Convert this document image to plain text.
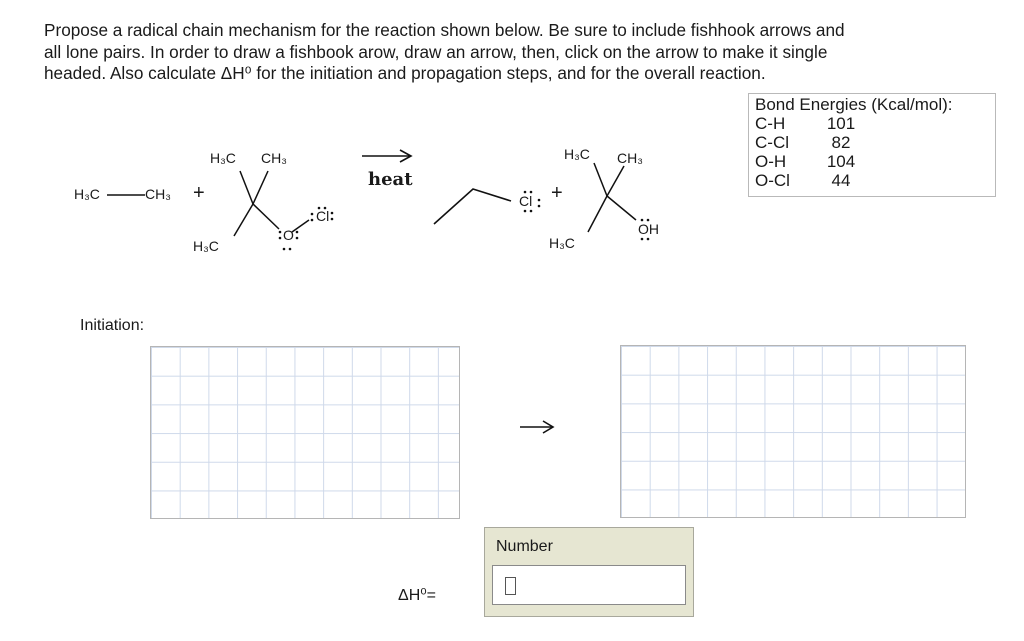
Propose a radical chain mechanism for the reaction shown below. Be sure to include fishhook arrows and
all lone pairs. In order to draw a fishbook arow, draw an arrow, then, click on the arrow to make it single
headed. Also calculate ΔH⁰ for the initiation and propagation steps, and for the overall reaction.
Bond Energies (Kcal/mol):
C-H	101
C-Cl	82
O-H	104
O-Cl	44
H₃C	CH₃ +
H₃C CH₃
H₃C
O
Cl
heat
Cl +
H₃C CH₃
H₃C
OH
Initiation:
Number
ΔH⁰=
